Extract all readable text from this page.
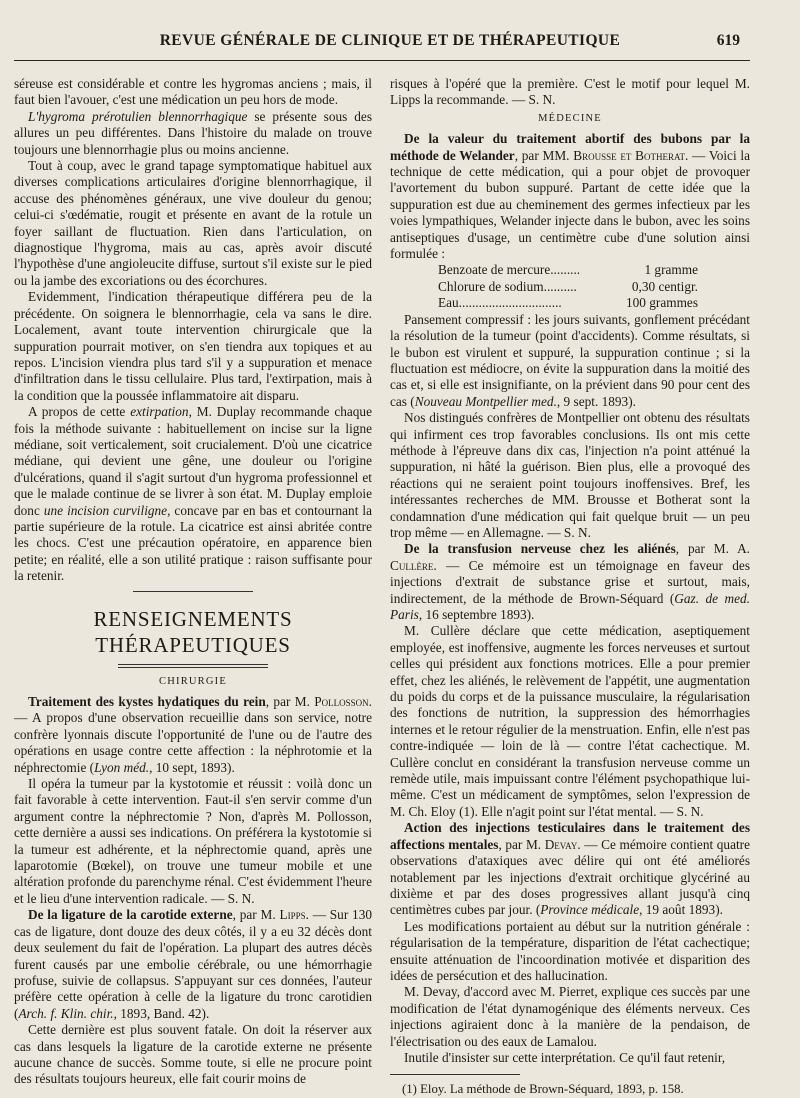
REVUE GÉNÉRALE DE CLINIQUE ET DE THÉRAPEUTIQUE	619

séreuse est considérable et contre les hygromas anciens ; mais, il faut bien l'avouer, c'est une médication un peu hors de mode.

L'hygroma prérotulien blennorrhagique se présente sous des allures un peu différentes. Dans l'histoire du malade on trouve toujours une blennorrhagie plus ou moins ancienne.

Tout à coup, avec le grand tapage symptomatique habituel aux diverses complications articulaires d'origine blennorrhagique, il accuse des phénomènes généraux, une vive douleur du genou; celui-ci s'œdématie, rougit et présente en avant de la rotule un foyer saillant de fluctuation. Rien dans l'articulation, on diagnostique l'hygroma, mais au cas, après avoir discuté l'hypothèse d'une angioleucite diffuse, surtout s'il existe sur le pied ou la jambe des excoriations ou des écorchures.

Evidemment, l'indication thérapeutique différera peu de la précédente. On soignera le blennorrhagie, cela va sans le dire. Localement, avant toute intervention chirurgicale que la suppuration pourrait motiver, on s'en tiendra aux topiques et au repos. L'incision viendra plus tard s'il y a suppuration et menace d'infiltration dans le tissu cellulaire. Plus tard, l'extirpation, mais à la condition que la poussée inflammatoire ait disparu.

A propos de cette extirpation, M. Duplay recommande chaque fois la méthode suivante : habituellement on incise sur la ligne médiane, soit verticalement, soit crucialement. D'où une cicatrice médiane, qui devient une gêne, une douleur ou l'origine d'ulcérations, quand il s'agit surtout d'un hygroma professionnel et que le malade continue de se livrer à son état. M. Duplay emploie donc une incision curviligne, concave par en bas et contournant la partie supérieure de la rotule. La cicatrice est ainsi abritée contre les chocs. C'est une précaution opératoire, en apparence bien petite; en réalité, elle a son utilité pratique : raison suffisante pour la retenir.

RENSEIGNEMENTS THÉRAPEUTIQUES
CHIRURGIE

Traitement des kystes hydatiques du rein, par M. Pollosson. — A propos d'une observation recueillie dans son service, notre confrère lyonnais discute l'opportunité de l'une ou de l'autre des opérations en usage contre cette affection : la néphrotomie et la néphrectomie (Lyon méd., 10 sept, 1893).

Il opéra la tumeur par la kystotomie et réussit : voilà donc un fait favorable à cette intervention. Faut-il s'en servir comme d'un argument contre la néphrectomie ? Non, d'après M. Pollosson, cette dernière a aussi ses indications. On préférera la kystotomie si la tumeur est adhérente, et la néphrectomie quand, après une laparotomie (Bœkel), on trouve une tumeur mobile et une altération profonde du parenchyme rénal. C'est évidemment l'heure et le lieu d'une intervention radicale. — S. N.

De la ligature de la carotide externe, par M. Lipps. — Sur 130 cas de ligature, dont douze des deux côtés, il y a eu 32 décès dont deux seulement du fait de l'opération. La plupart des autres décès furent causés par une embolie cérébrale, ou une hémorrhagie profuse, suivie de collapsus. S'appuyant sur ces données, l'auteur préfère cette opération à celle de la ligature du tronc carotidien (Arch. f. Klin. chir., 1893, Band. 42).

Cette dernière est plus souvent fatale. On doit la réserver aux cas dans lesquels la ligature de la carotide externe ne présente aucune chance de succès. Somme toute, si elle ne procure point des résultats toujours heureux, elle fait courir moins de

risques à l'opéré que la première. C'est le motif pour lequel M. Lipps la recommande. — S. N.

MÉDECINE

De la valeur du traitement abortif des bubons par la méthode de Welander, par MM. Brousse et Botherat. — Voici la technique de cette médication, qui a pour objet de provoquer l'avortement du bubon suppuré. Partant de cette idée que la suppuration est due au cheminement des germes infectieux par les voies lympathiques, Welander injecte dans le bubon, avec les soins antiseptiques d'usage, un centimètre cube d'une solution ainsi formulée :

Benzoate de mercure.........	1 gramme
Chlorure de sodium..........	0,30 centigr.
Eau...............................	100 grammes

Pansement compressif : les jours suivants, gonflement précédant la résolution de la tumeur (point d'accidents). Comme résultats, si le bubon est virulent et suppuré, la suppuration continue ; si la fluctuation est médiocre, on évite la suppuration dans la moitié des cas et, si elle est insignifiante, on la prévient dans 90 pour cent des cas (Nouveau Montpellier med., 9 sept. 1893).

Nos distingués confrères de Montpellier ont obtenu des résultats qui infirment ces trop favorables conclusions. Ils ont mis cette méthode à l'épreuve dans dix cas, l'injection n'a point atténué la suppuration, ni hâté la guérison. Bien plus, elle a provoqué des réactions qui ne seraient point toujours inoffensives. Bref, les intéressantes recherches de MM. Brousse et Botherat sont la condamnation d'une médication qui fait quelque bruit — un peu trop même — en Allemagne. — S. N.

De la transfusion nerveuse chez les aliénés, par M. A. Cullère. — Ce mémoire est un témoignage en faveur des injections d'extrait de substance grise et surtout, mais, indirectement, de la méthode de Brown-Séquard (Gaz. de med. Paris, 16 septembre 1893).

M. Cullère déclare que cette médication, aseptiquement employée, est inoffensive, augmente les forces nerveuses et surtout celles qui président aux fonctions motrices. Elle a pour premier effet, chez les aliénés, le relèvement de l'appétit, une augmentation du poids du corps et de la puissance musculaire, la régularisation des fonctions de nutrition, la suppression des hémorrhagies internes et le retour régulier de la menstruation. Enfin, elle n'est pas contre-indiquée — loin de là — contre l'état cachectique. M. Cullère conclut en considérant la transfusion nerveuse comme un remède utile, mais impuissant contre l'élément psychopathique lui-même. C'est un médicament de symptômes, selon l'expression de M. Ch. Eloy (1). Elle n'agit point sur l'état mental. — S. N.

Action des injections testiculaires dans le traitement des affections mentales, par M. Devay. — Ce mémoire contient quatre observations d'ataxiques avec délire qui ont été améliorés notablement par les injections d'extrait orchitique glycériné au dixième et par des doses progressives allant jusqu'à cinq centimètres cubes par jour. (Province médicale, 19 août 1893).

Les modifications portaient au début sur la nutrition générale : régularisation de la température, disparition de l'état cachectique; ensuite atténuation de l'incoordination motivée et disparition des idées de persécution et des hallucination.

M. Devay, d'accord avec M. Pierret, explique ces succès par une modification de l'état dynamogénique des éléments nerveux. Ces injections agiraient donc à la manière de la pendaison, de l'électrisation ou des eaux de Lamalou.

Inutile d'insister sur cette interprétation. Ce qu'il faut retenir,

(1) Eloy. La méthode de Brown-Séquard, 1893, p. 158.
